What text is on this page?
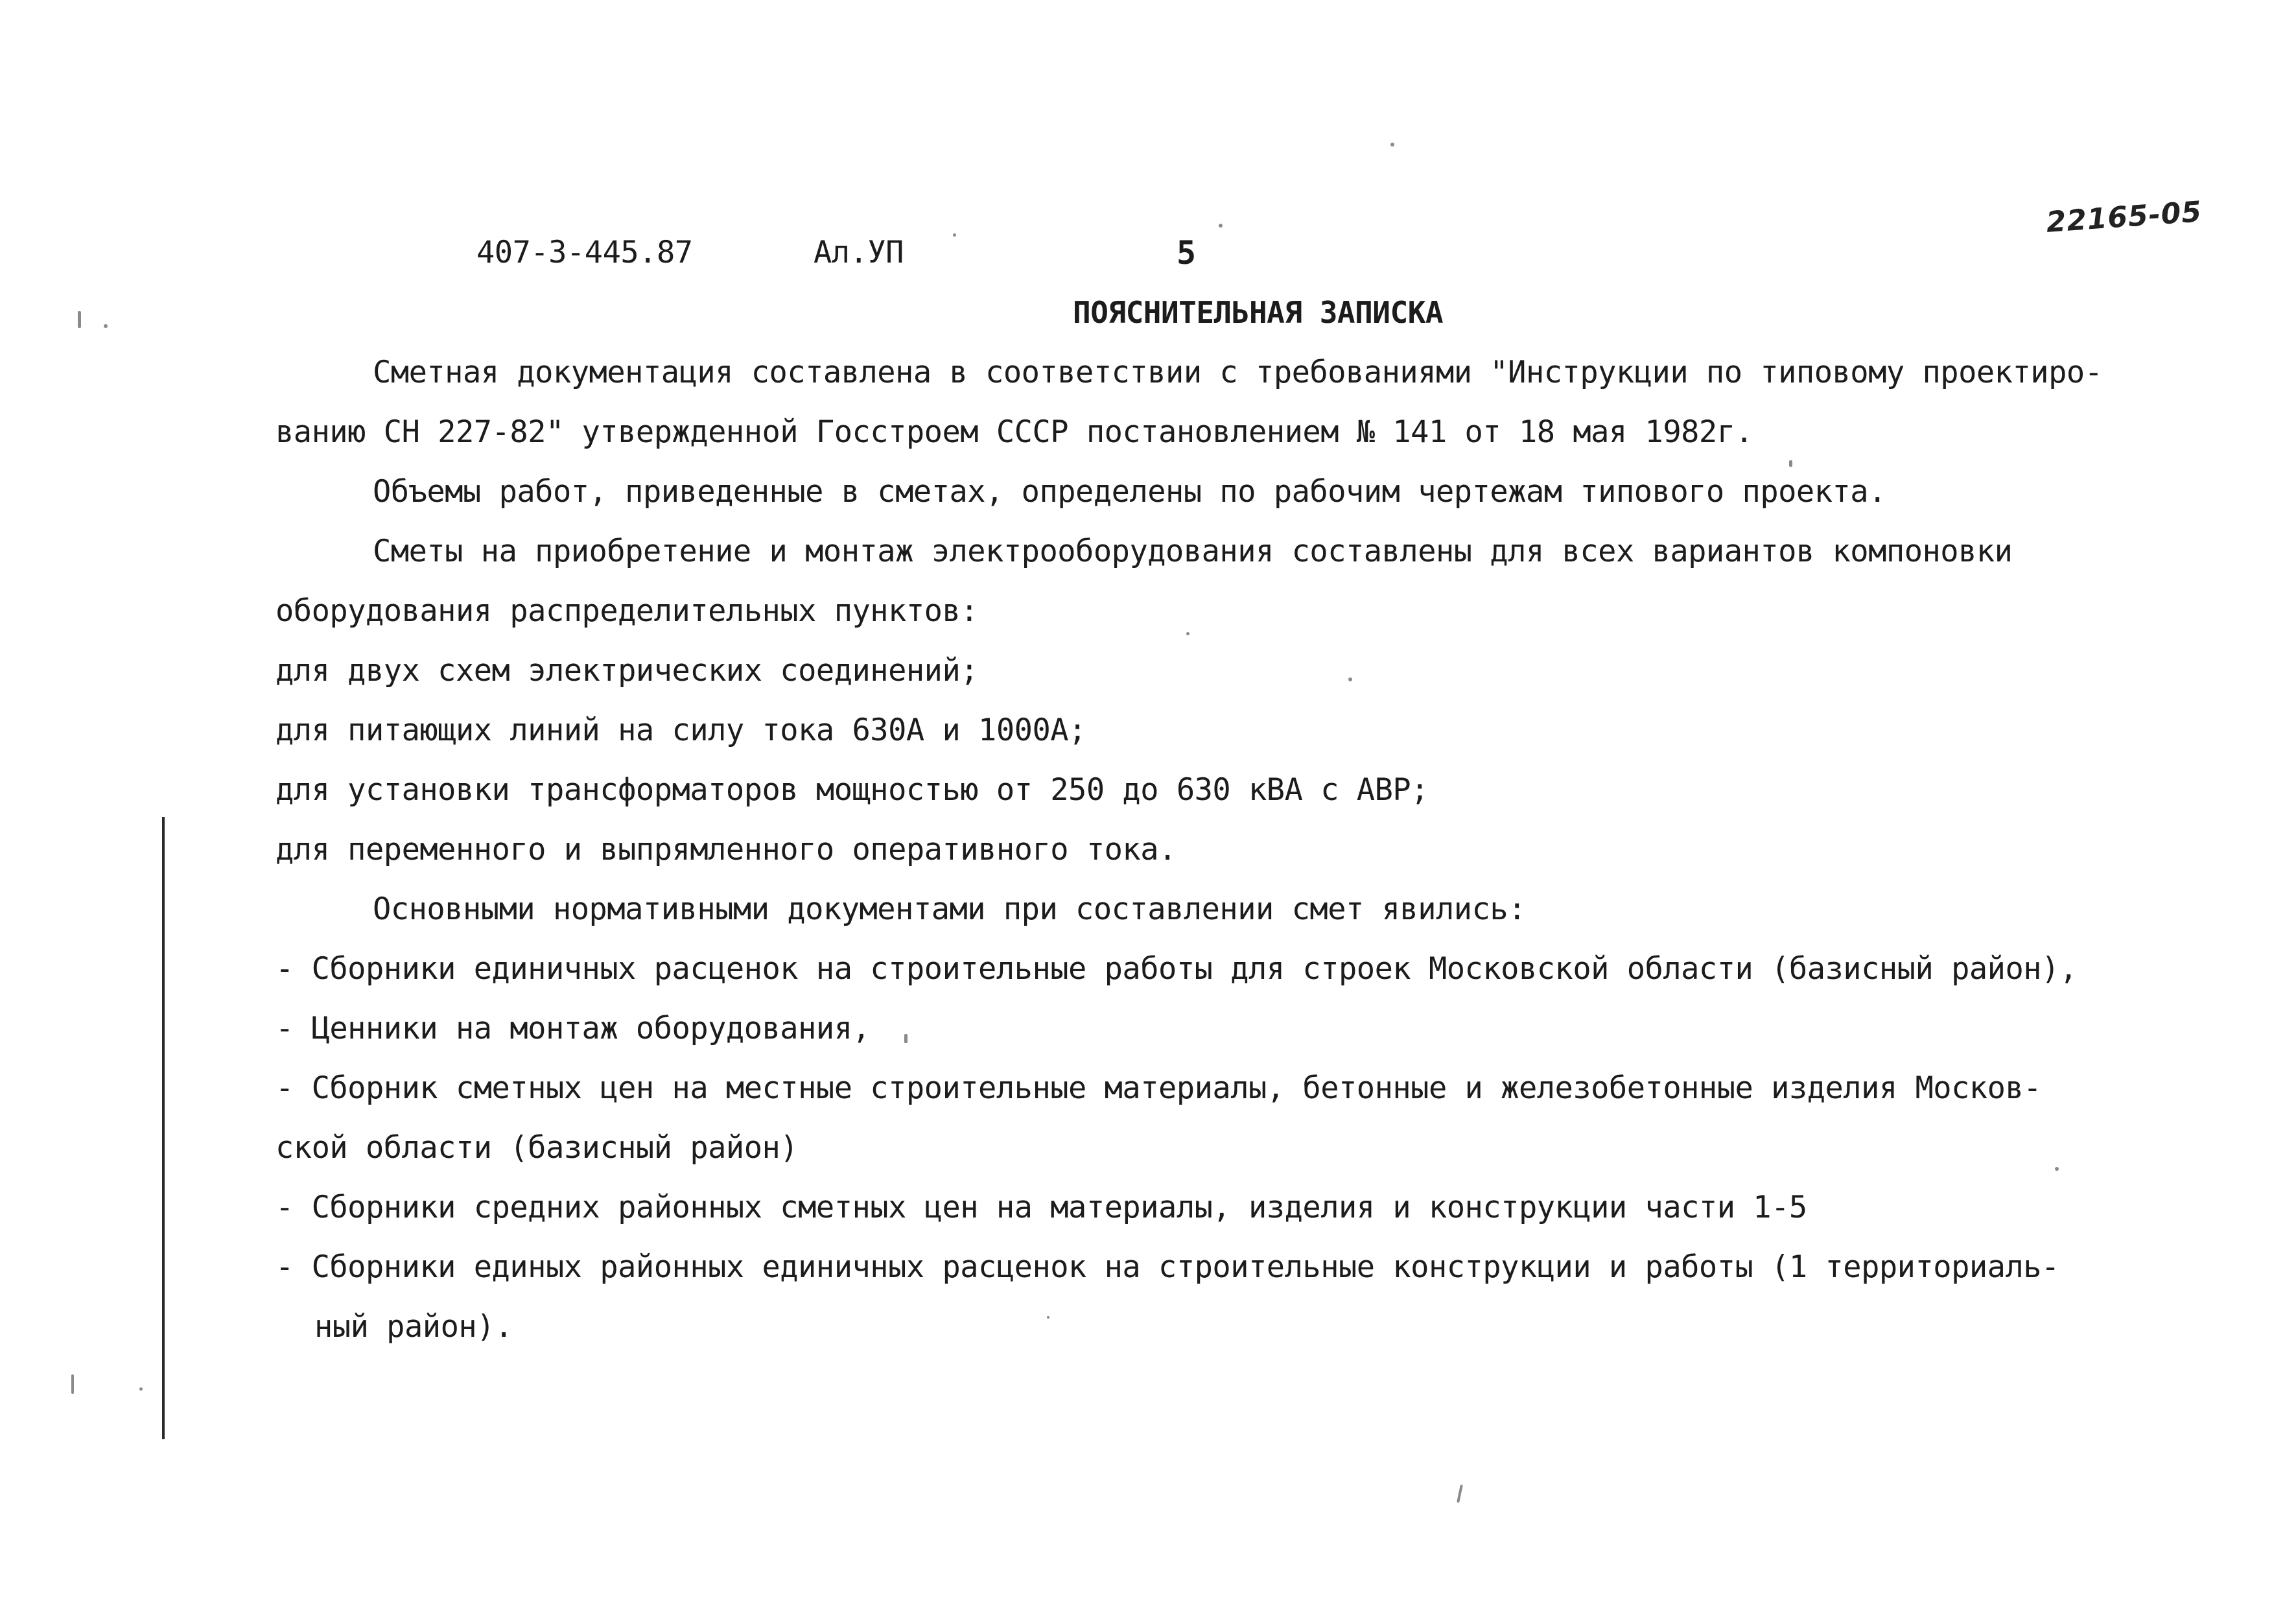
407-3-445.87	Ал.УП	5
22165-05
ПОЯСНИТЕЛЬНАЯ ЗАПИСКА
Сметная документация составлена в соответствии с требованиями "Инструкции по типовому проектиро-
ванию СН 227-82" утвержденной Госстроем СССР постановлением № 141 от 18 мая 1982г.
Объемы работ, приведенные в сметах, определены по рабочим чертежам типового проекта.
Сметы на приобретение и монтаж электрооборудования составлены для всех вариантов компоновки
оборудования распределительных пунктов:
для двух схем электрических соединений;
для питающих линий на силу тока 630А и 1000А;
для установки трансформаторов мощностью от 250 до 630 кВА с АВР;
для переменного и выпрямленного оперативного тока.
Основными нормативными документами при составлении смет явились:
- Сборники единичных расценок на строительные работы для строек Московской области (базисный район),
- Ценники на монтаж оборудования,
- Сборник сметных цен на местные строительные материалы, бетонные и железобетонные изделия Москов-
ской области (базисный район)
- Сборники средних районных сметных цен на материалы, изделия и конструкции части 1-5
- Сборники единых районных единичных расценок на строительные конструкции и работы (1 территориаль-
ный район).
